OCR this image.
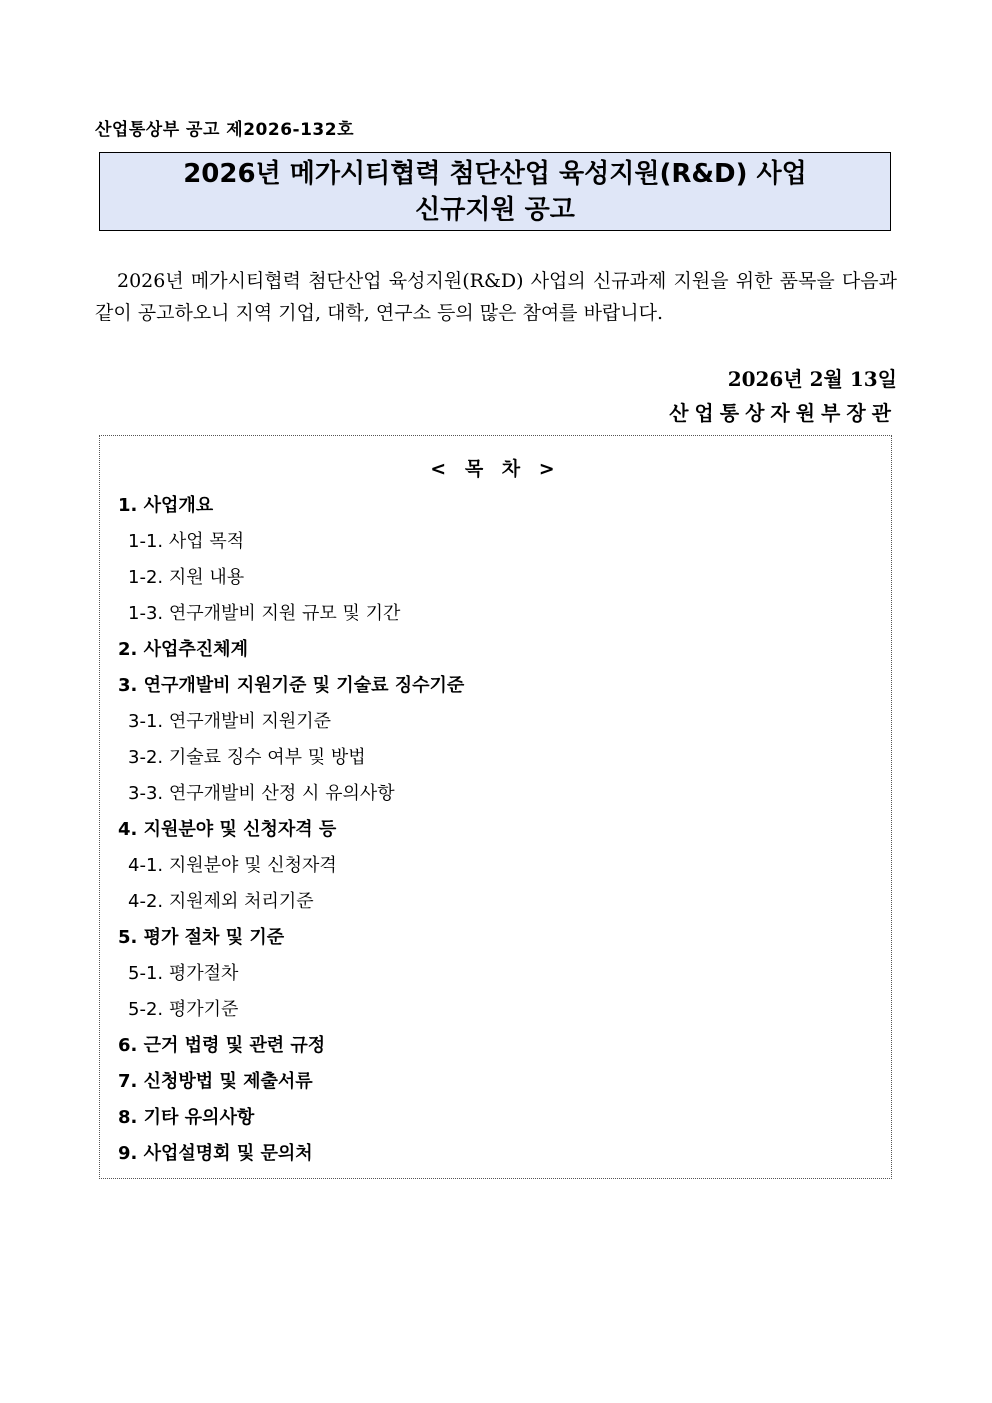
산업통상부 공고 제2026-132호
2026년 메가시티협력 첨단산업 육성지원(R&D) 사업
신규지원 공고
2026년 메가시티협력 첨단산업 육성지원(R&D) 사업의 신규과제 지원을 위한 품목을 다음과 같이 공고하오니 지역 기업, 대학, 연구소 등의 많은 참여를 바랍니다.
2026년 2월 13일
산업통상자원부장관
< 목 차 >
1. 사업개요
1-1. 사업 목적
1-2. 지원 내용
1-3. 연구개발비 지원 규모 및 기간
2. 사업추진체계
3. 연구개발비 지원기준 및 기술료 징수기준
3-1. 연구개발비 지원기준
3-2. 기술료 징수 여부 및 방법
3-3. 연구개발비 산정 시 유의사항
4. 지원분야 및 신청자격 등
4-1. 지원분야 및 신청자격
4-2. 지원제외 처리기준
5. 평가 절차 및 기준
5-1. 평가절차
5-2. 평가기준
6. 근거 법령 및 관련 규정
7. 신청방법 및 제출서류
8. 기타 유의사항
9. 사업설명회 및 문의처
